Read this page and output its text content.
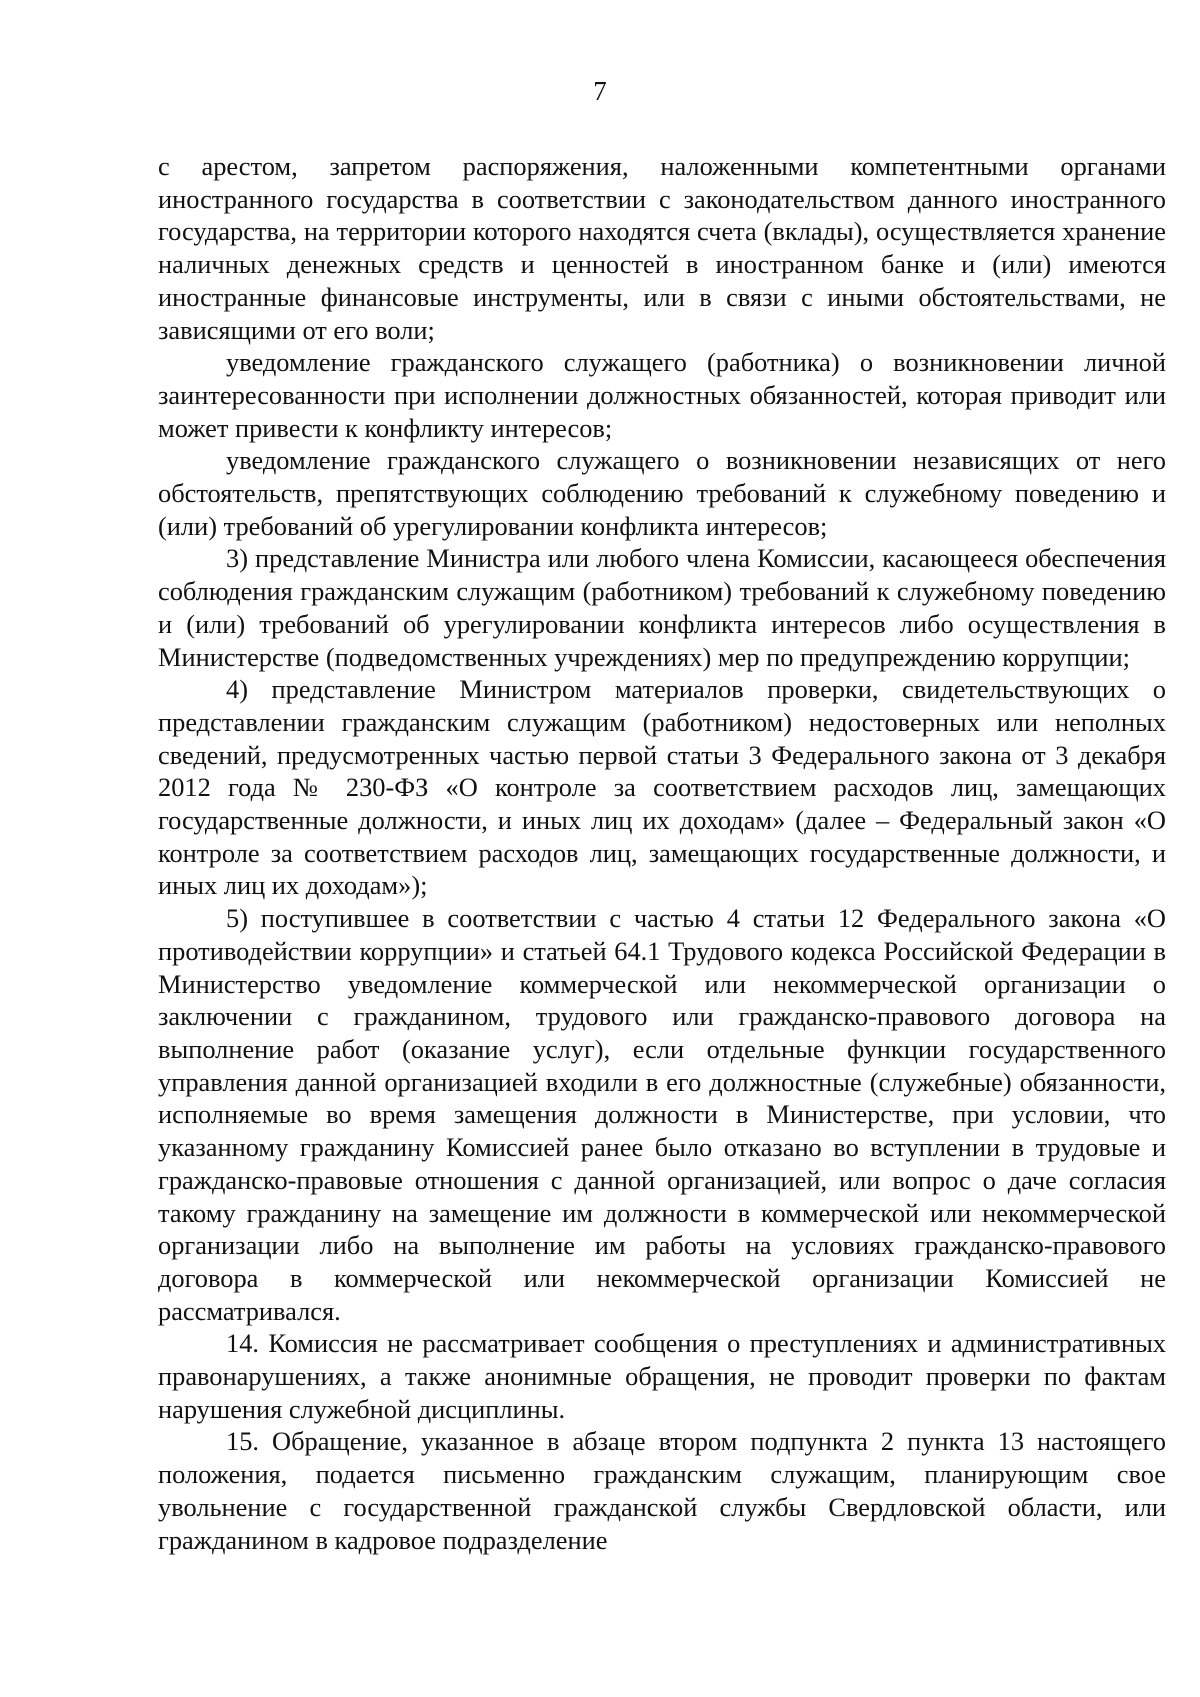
7

с арестом, запретом распоряжения, наложенными компетентными органами иностранного государства в соответствии с законодательством данного иностранного государства, на территории которого находятся счета (вклады), осуществляется хранение наличных денежных средств и ценностей в иностранном банке и (или) имеются иностранные финансовые инструменты, или в связи с иными обстоятельствами, не зависящими от его воли;

уведомление гражданского служащего (работника) о возникновении личной заинтересованности при исполнении должностных обязанностей, которая приводит или может привести к конфликту интересов;

уведомление гражданского служащего о возникновении независящих от него обстоятельств, препятствующих соблюдению требований к служебному поведению и (или) требований об урегулировании конфликта интересов;

3) представление Министра или любого члена Комиссии, касающееся обеспечения соблюдения гражданским служащим (работником) требований к служебному поведению и (или) требований об урегулировании конфликта интересов либо осуществления в Министерстве (подведомственных учреждениях) мер по предупреждению коррупции;

4) представление Министром материалов проверки, свидетельствующих о представлении гражданским служащим (работником) недостоверных или неполных сведений, предусмотренных частью первой статьи 3 Федерального закона от 3 декабря 2012 года № 230-ФЗ «О контроле за соответствием расходов лиц, замещающих государственные должности, и иных лиц их доходам» (далее – Федеральный закон «О контроле за соответствием расходов лиц, замещающих государственные должности, и иных лиц их доходам»);

5) поступившее в соответствии с частью 4 статьи 12 Федерального закона «О противодействии коррупции» и статьей 64.1 Трудового кодекса Российской Федерации в Министерство уведомление коммерческой или некоммерческой организации о заключении с гражданином, трудового или гражданско-правового договора на выполнение работ (оказание услуг), если отдельные функции государственного управления данной организацией входили в его должностные (служебные) обязанности, исполняемые во время замещения должности в Министерстве, при условии, что указанному гражданину Комиссией ранее было отказано во вступлении в трудовые и гражданско-правовые отношения с данной организацией, или вопрос о даче согласия такому гражданину на замещение им должности в коммерческой или некоммерческой организации либо на выполнение им работы на условиях гражданско-правового договора в коммерческой или некоммерческой организации Комиссией не рассматривался.

14. Комиссия не рассматривает сообщения о преступлениях и административных правонарушениях, а также анонимные обращения, не проводит проверки по фактам нарушения служебной дисциплины.

15. Обращение, указанное в абзаце втором подпункта 2 пункта 13 настоящего положения, подается письменно гражданским служащим, планирующим свое увольнение с государственной гражданской службы Свердловской области, или гражданином в кадровое подразделение
